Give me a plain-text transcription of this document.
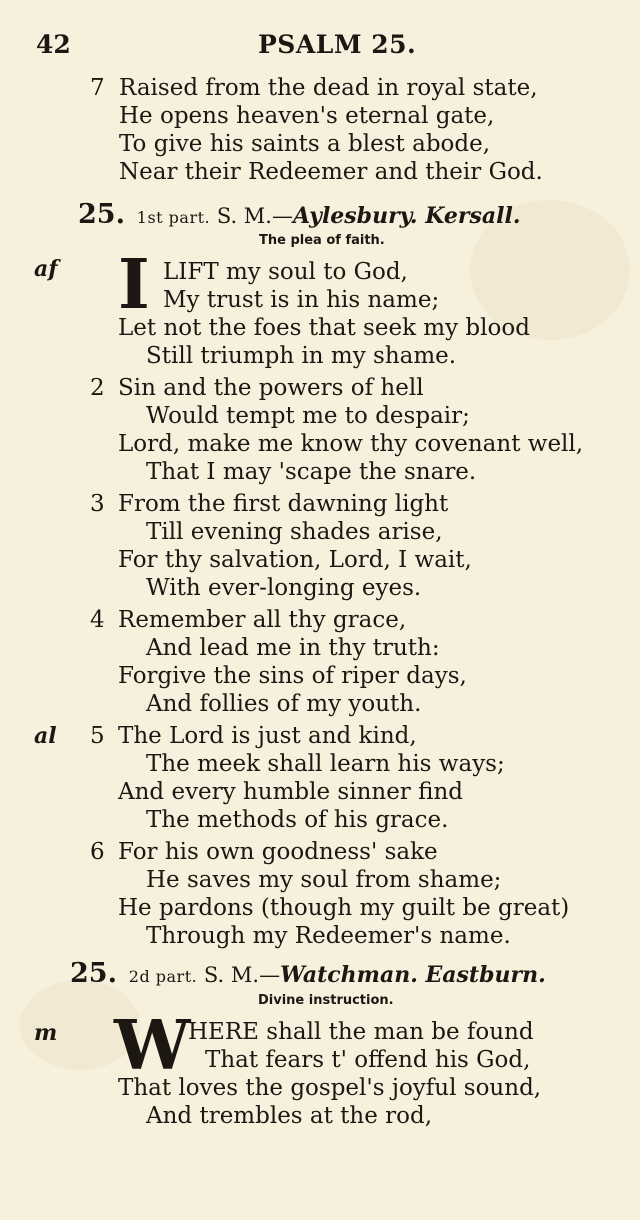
42	PSALM 25.
7 Raised from the dead in royal state,
He opens heaven's eternal gate,
To give his saints a blest abode,
Near their Redeemer and their God.
25. 1st part. S. M.—Aylesbury. Kersall.
The plea of faith.
af I LIFT my soul to God,
My trust is in his name;
Let not the foes that seek my blood
Still triumph in my shame.
2 Sin and the powers of hell
Would tempt me to despair;
Lord, make me know thy covenant well,
That I may 'scape the snare.
3 From the first dawning light
Till evening shades arise,
For thy salvation, Lord, I wait,
With ever-longing eyes.
4 Remember all thy grace,
And lead me in thy truth:
Forgive the sins of riper days,
And follies of my youth.
al 5 The Lord is just and kind,
The meek shall learn his ways;
And every humble sinner find
The methods of his grace.
6 For his own goodness' sake
He saves my soul from shame;
He pardons (though my guilt be great)
Through my Redeemer's name.
25. 2d part. S. M.—Watchman. Eastburn.
Divine instruction.
m W
HERE shall the man be found
That fears t' offend his God,
That loves the gospel's joyful sound,
And trembles at the rod,
